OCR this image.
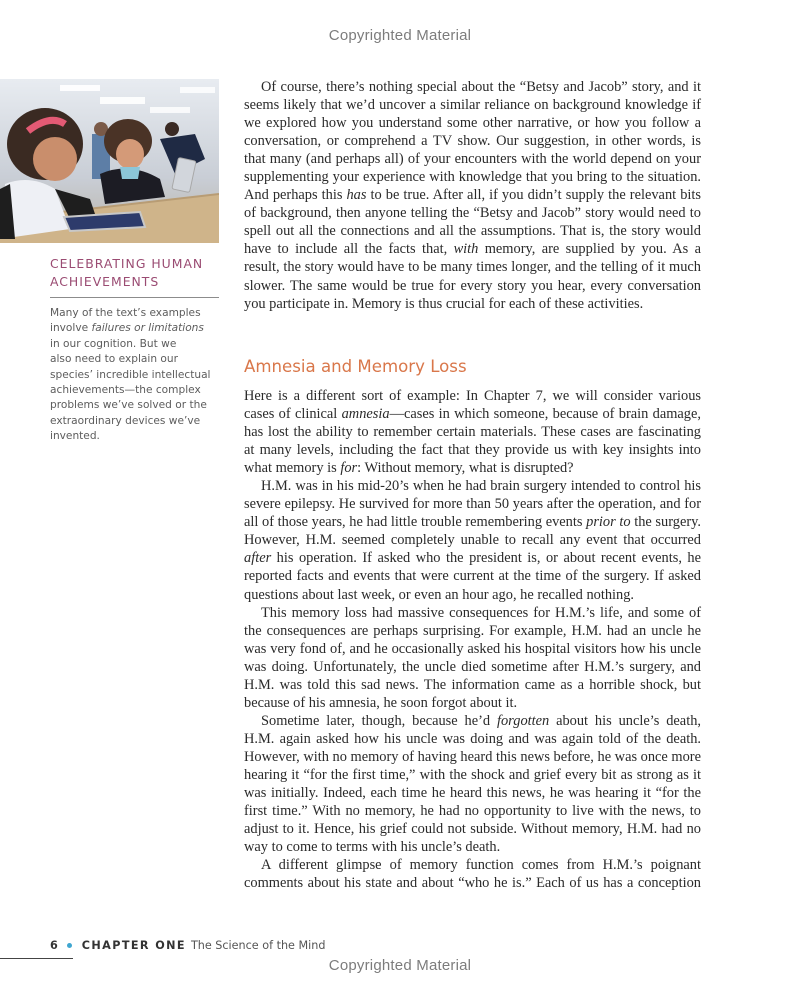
Copyrighted Material
CELEBRATING HUMAN
ACHIEVEMENTS
Many of the text’s examples
involve failures or limitations
in our cognition. But we
also need to explain our
species’ incredible intellectual
achievements—the complex
problems we’ve solved or the
extraordinary devices we’ve
invented.

Of course, there’s nothing special about the “Betsy and Jacob” story, and it seems likely that we’d uncover a similar reliance on background knowledge if we explored how you understand some other narrative, or how you follow a conversation, or comprehend a TV show. Our suggestion, in other words, is that many (and perhaps all) of your encounters with the world depend on your supplementing your experience with knowledge that you bring to the situation. And perhaps this has to be true. After all, if you didn’t supply the relevant bits of background, then anyone telling the “Betsy and Jacob” story would need to spell out all the connections and all the assumptions. That is, the story would have to include all the facts that, with memory, are supplied by you. As a result, the story would have to be many times longer, and the telling of it much slower. The same would be true for every story you hear, every conversation you participate in. Memory is thus crucial for each of these activities.

Amnesia and Memory Loss

Here is a different sort of example: In Chapter 7, we will consider various cases of clinical amnesia—cases in which someone, because of brain damage, has lost the ability to remember certain materials. These cases are fascinating at many levels, including the fact that they provide us with key insights into what memory is for: Without memory, what is disrupted?

H.M. was in his mid-20’s when he had brain surgery intended to control his severe epilepsy. He survived for more than 50 years after the operation, and for all of those years, he had little trouble remembering events prior to the surgery. However, H.M. seemed completely unable to recall any event that occurred after his operation. If asked who the president is, or about recent events, he reported facts and events that were current at the time of the surgery. If asked questions about last week, or even an hour ago, he recalled nothing.

This memory loss had massive consequences for H.M.’s life, and some of the consequences are perhaps surprising. For example, H.M. had an uncle he was very fond of, and he occasionally asked his hospital visitors how his uncle was doing. Unfortunately, the uncle died sometime after H.M.’s surgery, and H.M. was told this sad news. The information came as a horrible shock, but because of his amnesia, he soon forgot about it.

Sometime later, though, because he’d forgotten about his uncle’s death, H.M. again asked how his uncle was doing and was again told of the death. However, with no memory of having heard this news before, he was once more hearing it “for the first time,” with the shock and grief every bit as strong as it was initially. Indeed, each time he heard this news, he was hearing it “for the first time.” With no memory, he had no opportunity to live with the news, to adjust to it. Hence, his grief could not subside. Without memory, H.M. had no way to come to terms with his uncle’s death.

A different glimpse of memory function comes from H.M.’s poignant comments about his state and about “who he is.” Each of us has a conception

6 CHAPTER ONE The Science of the Mind
Copyrighted Material
